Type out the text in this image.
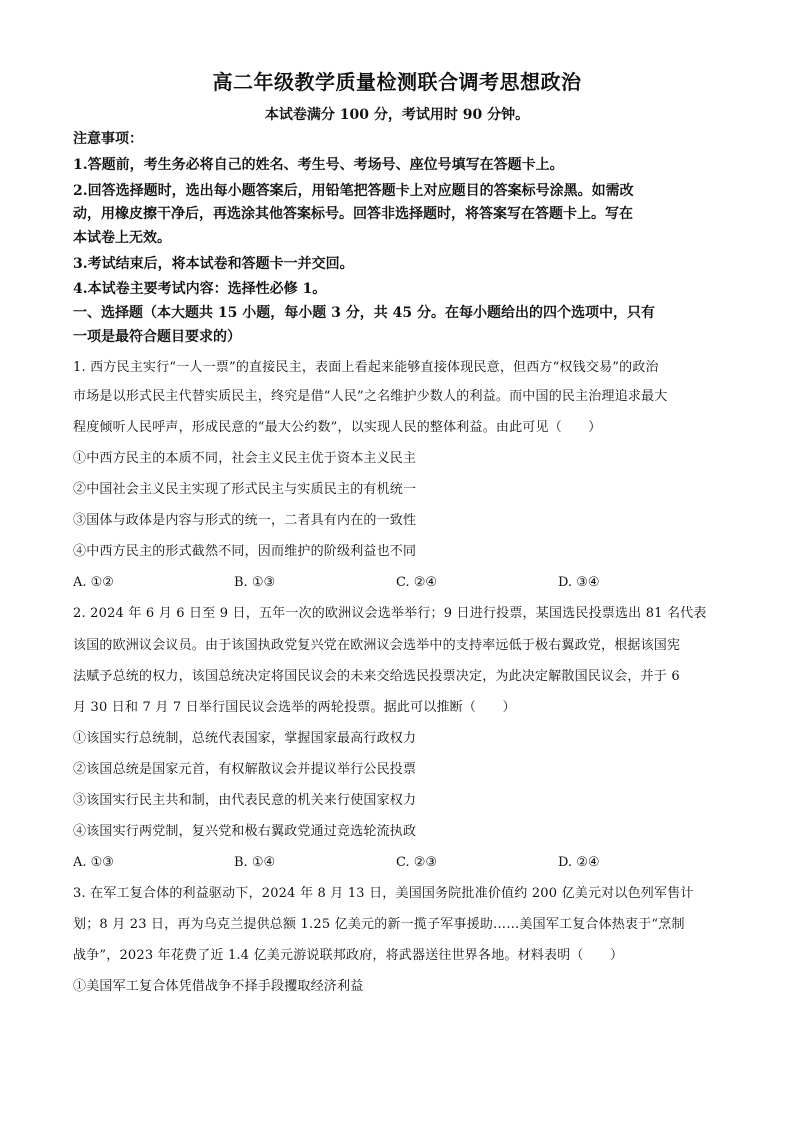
高二年级教学质量检测联合调考思想政治
本试卷满分 100 分，考试用时 90 分钟。
注意事项：
1.答题前，考生务必将自己的姓名、考生号、考场号、座位号填写在答题卡上。
2.回答选择题时，选出每小题答案后，用铅笔把答题卡上对应题目的答案标号涂黑。如需改
动，用橡皮擦干净后，再选涂其他答案标号。回答非选择题时，将答案写在答题卡上。写在
本试卷上无效。
3.考试结束后，将本试卷和答题卡一并交回。
4.本试卷主要考试内容：选择性必修 1。
一、选择题（本大题共 15 小题，每小题 3 分，共 45 分。在每小题给出的四个选项中，只有
一项是最符合题目要求的）
1. 西方民主实行“一人一票”的直接民主，表面上看起来能够直接体现民意，但西方“权钱交易”的政治
市场是以形式民主代替实质民主，终究是借“人民”之名维护少数人的利益。而中国的民主治理追求最大
程度倾听人民呼声，形成民意的“最大公约数”，以实现人民的整体利益。由此可见（　　）
①中西方民主的本质不同，社会主义民主优于资本主义民主
②中国社会主义民主实现了形式民主与实质民主的有机统一
③国体与政体是内容与形式的统一，二者具有内在的一致性
④中西方民主的形式截然不同，因而维护的阶级利益也不同
A. ①②	B. ①③	C. ②④	D. ③④
2. 2024 年 6 月 6 日至 9 日，五年一次的欧洲议会选举举行；9 日进行投票，某国选民投票选出 81 名代表
该国的欧洲议会议员。由于该国执政党复兴党在欧洲议会选举中的支持率远低于极右翼政党，根据该国宪
法赋予总统的权力，该国总统决定将国民议会的未来交给选民投票决定，为此决定解散国民议会，并于 6
月 30 日和 7 月 7 日举行国民议会选举的两轮投票。据此可以推断（　　）
①该国实行总统制，总统代表国家，掌握国家最高行政权力
②该国总统是国家元首，有权解散议会并提议举行公民投票
③该国实行民主共和制，由代表民意的机关来行使国家权力
④该国实行两党制，复兴党和极右翼政党通过竞选轮流执政
A. ①③	B. ①④	C. ②③	D. ②④
3. 在军工复合体的利益驱动下，2024 年 8 月 13 日，美国国务院批准价值约 200 亿美元对以色列军售计
划；8 月 23 日，再为乌克兰提供总额 1.25 亿美元的新一揽子军事援助……美国军工复合体热衷于“烹制
战争”，2023 年花费了近 1.4 亿美元游说联邦政府，将武器送往世界各地。材料表明（　　）
①美国军工复合体凭借战争不择手段攫取经济利益
